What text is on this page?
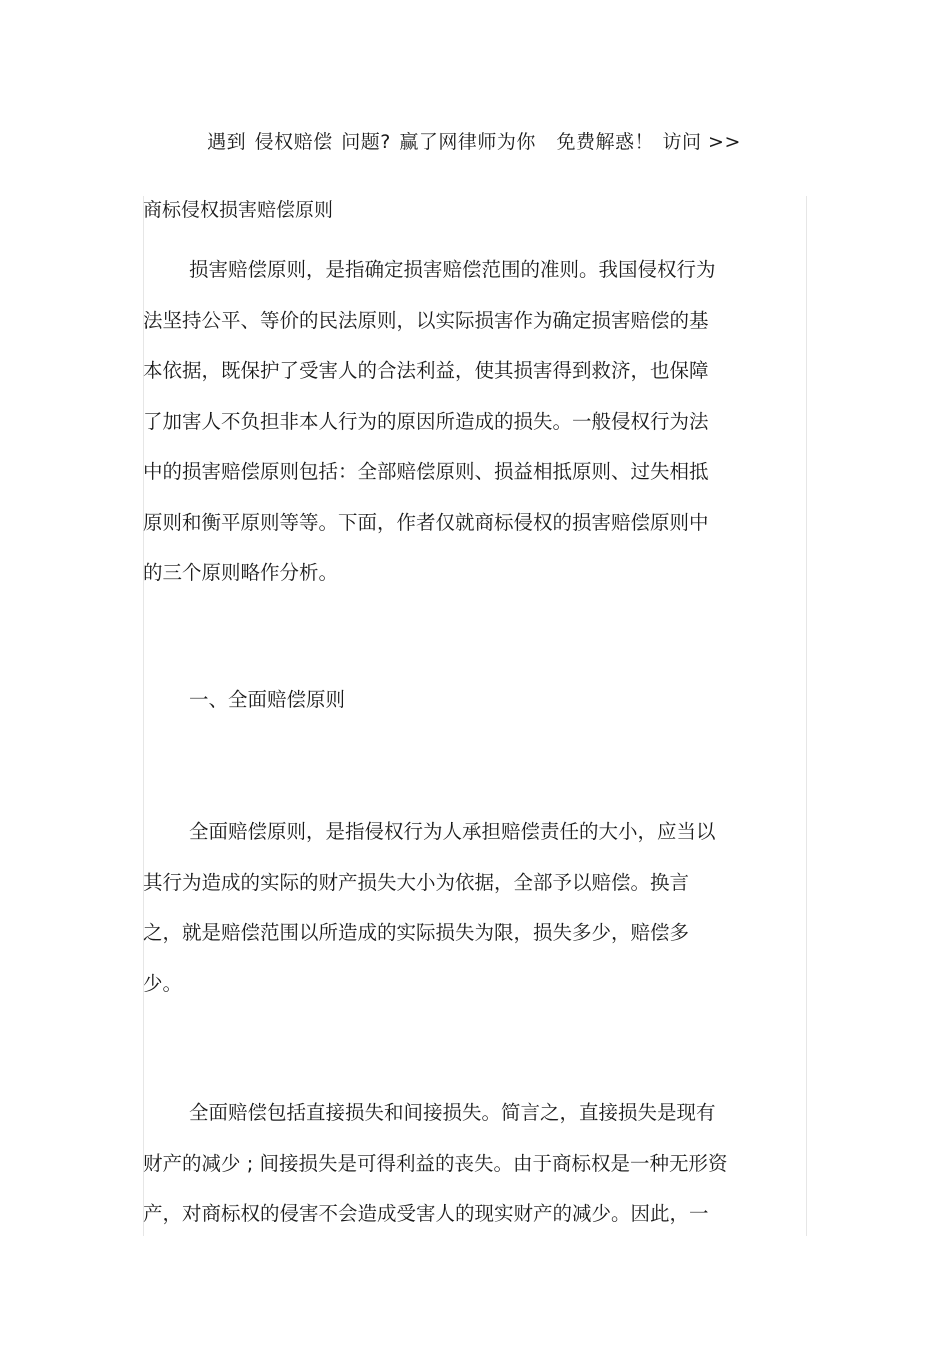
遇到 侵权赔偿 问题? 赢了网律师为你 免费解惑！ 访问 >>
商标侵权损害赔偿原则
损害赔偿原则，是指确定损害赔偿范围的准则。我国侵权行为
法坚持公平、等价的民法原则，以实际损害作为确定损害赔偿的基
本依据，既保护了受害人的合法利益，使其损害得到救济，也保障
了加害人不负担非本人行为的原因所造成的损失。一般侵权行为法
中的损害赔偿原则包括：全部赔偿原则、损益相抵原则、过失相抵
原则和衡平原则等等。下面，作者仅就商标侵权的损害赔偿原则中
的三个原则略作分析。
一、全面赔偿原则
全面赔偿原则，是指侵权行为人承担赔偿责任的大小，应当以
其行为造成的实际的财产损失大小为依据，全部予以赔偿。换言
之，就是赔偿范围以所造成的实际损失为限，损失多少，赔偿多
少。
全面赔偿包括直接损失和间接损失。简言之，直接损失是现有
财产的减少 ; 间接损失是可得利益的丧失。由于商标权是一种无形资
产，对商标权的侵害不会造成受害人的现实财产的减少。因此，一
